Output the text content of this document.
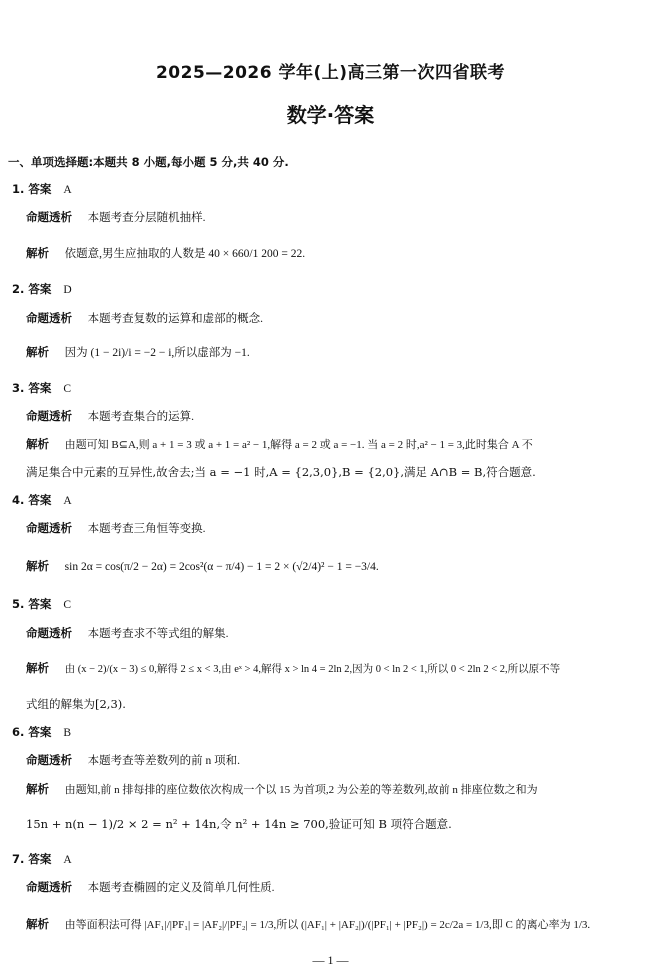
2025—2026 学年(上)高三第一次四省联考
数学·答案
一、单项选择题:本题共 8 小题,每小题 5 分,共 40 分.
1. 答案 A
命题透析 本题考查分层随机抽样.
解析 依题意,男生应抽取的人数是 40 × 660/1 200 = 22.
2. 答案 D
命题透析 本题考查复数的运算和虚部的概念.
解析 因为 (1 − 2i)/i = −2 − i,所以虚部为 −1.
3. 答案 C
命题透析 本题考查集合的运算.
解析 由题可知 B⊆A,则 a + 1 = 3 或 a + 1 = a² − 1,解得 a = 2 或 a = −1. 当 a = 2 时,a² − 1 = 3,此时集合 A 不
满足集合中元素的互异性,故舍去;当 a = −1 时,A = {2,3,0},B = {2,0},满足 A∩B = B,符合题意.
4. 答案 A
命题透析 本题考查三角恒等变换.
解析 sin 2α = cos(π/2 − 2α) = 2cos²(α − π/4) − 1 = 2 × (√2/4)² − 1 = −3/4.
5. 答案 C
命题透析 本题考查求不等式组的解集.
解析 由 (x − 2)/(x − 3) ≤ 0,解得 2 ≤ x < 3,由 eˣ > 4,解得 x > ln 4 = 2ln 2,因为 0 < ln 2 < 1,所以 0 < 2ln 2 < 2,所以原不等
式组的解集为[2,3).
6. 答案 B
命题透析 本题考查等差数列的前 n 项和.
解析 由题知,前 n 排每排的座位数依次构成一个以 15 为首项,2 为公差的等差数列,故前 n 排座位数之和为
15n + n(n − 1)/2 × 2 = n² + 14n,令 n² + 14n ≥ 700,验证可知 B 项符合题意.
7. 答案 A
命题透析 本题考查椭圆的定义及简单几何性质.
解析 由等面积法可得 |AF₁|/|PF₁| = |AF₂|/|PF₂| = 1/3,所以 (|AF₁| + |AF₂|)/(|PF₁| + |PF₂|) = 2c/2a = 1/3,即 C 的离心率为 1/3.
— 1 —
